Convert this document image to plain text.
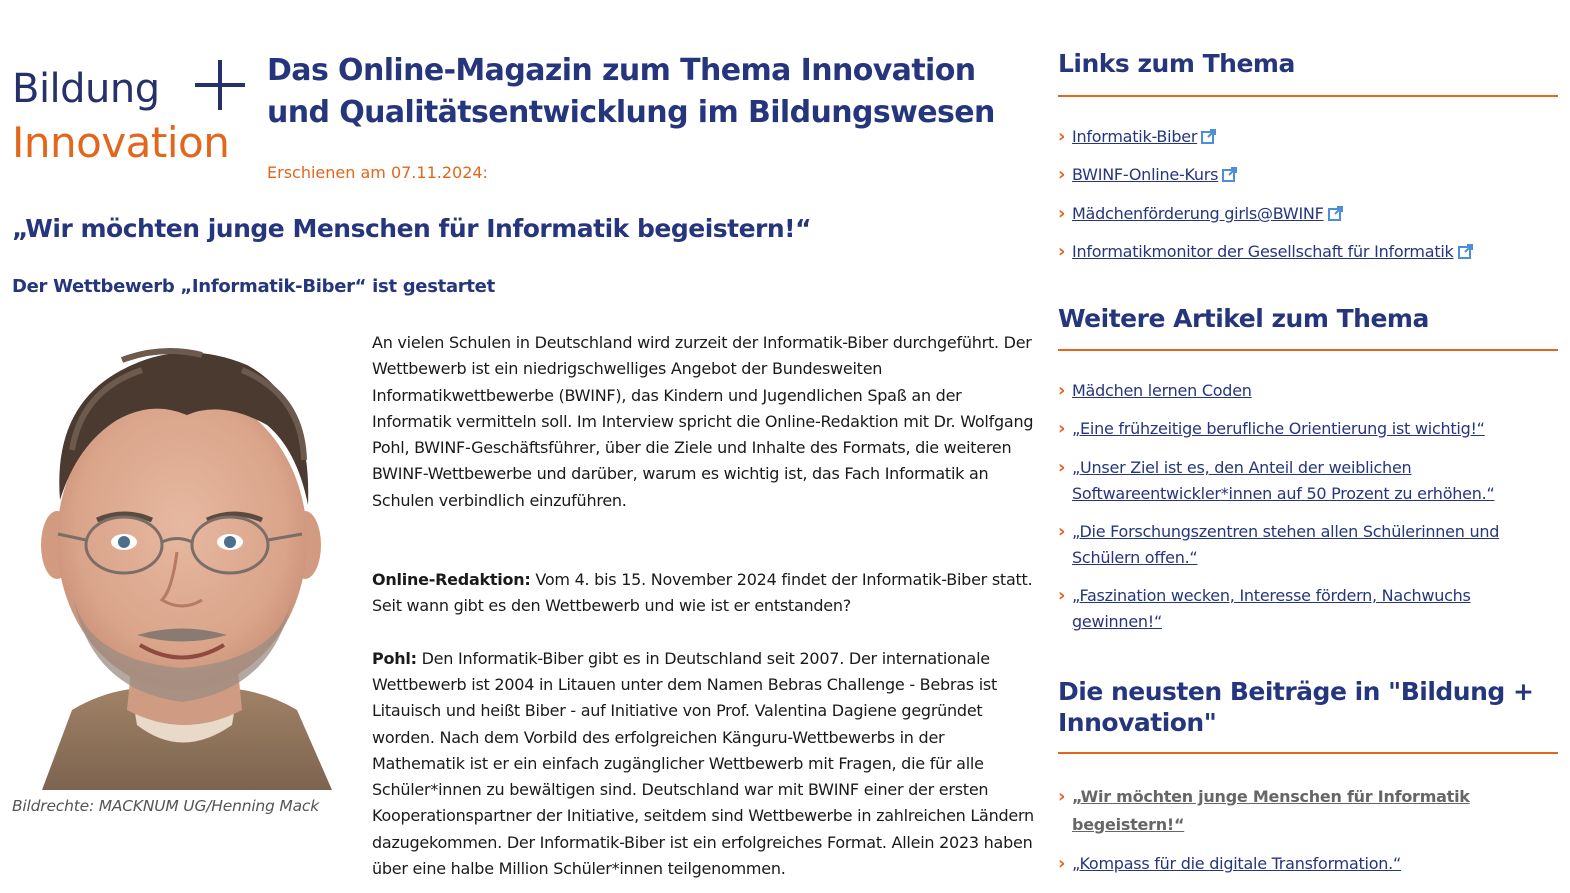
Bildung
Innovation
Das Online-Magazin zum Thema Innovation und Qualitätsentwicklung im Bildungswesen
Erschienen am 07.11.2024:
„Wir möchten junge Menschen für Informatik begeistern!“
Der Wettbewerb „Informatik-Biber“ ist gestartet
Bildrechte: MACKNUM UG/Henning Mack

An vielen Schulen in Deutschland wird zurzeit der Informatik-Biber durchgeführt. Der Wettbewerb ist ein niedrigschwelliges Angebot der Bundesweiten Informatikwettbewerbe (BWINF), das Kindern und Jugendlichen Spaß an der Informatik vermitteln soll. Im Interview spricht die Online-Redaktion mit Dr. Wolfgang Pohl, BWINF-Geschäftsführer, über die Ziele und Inhalte des Formats, die weiteren BWINF-Wettbewerbe und darüber, warum es wichtig ist, das Fach Informatik an Schulen verbindlich einzuführen.

Online-Redaktion: Vom 4. bis 15. November 2024 findet der Informatik-Biber statt. Seit wann gibt es den Wettbewerb und wie ist er entstanden?

Pohl: Den Informatik-Biber gibt es in Deutschland seit 2007. Der internationale Wettbewerb ist 2004 in Litauen unter dem Namen Bebras Challenge - Bebras ist Litauisch und heißt Biber - auf Initiative von Prof. Valentina Dagiene gegründet worden. Nach dem Vorbild des erfolgreichen Känguru-Wettbewerbs in der Mathematik ist er ein einfach zugänglicher Wettbewerb mit Fragen, die für alle Schüler*innen zu bewältigen sind. Deutschland war mit BWINF einer der ersten Kooperationspartner der Initiative, seitdem sind Wettbewerbe in zahlreichen Ländern dazugekommen. Der Informatik-Biber ist ein erfolgreiches Format. Allein 2023 haben über eine halbe Million Schüler*innen teilgenommen.

Links zum Thema
› Informatik-Biber
› BWINF-Online-Kurs
› Mädchenförderung girls@BWINF
› Informatikmonitor der Gesellschaft für Informatik
Weitere Artikel zum Thema
› Mädchen lernen Coden
› „Eine frühzeitige berufliche Orientierung ist wichtig!“
› „Unser Ziel ist es, den Anteil der weiblichen Softwareentwickler*innen auf 50 Prozent zu erhöhen.“
› „Die Forschungszentren stehen allen Schülerinnen und Schülern offen.“
› „Faszination wecken, Interesse fördern, Nachwuchs gewinnen!“
Die neusten Beiträge in "Bildung + Innovation"
› „Wir möchten junge Menschen für Informatik begeistern!“
› „Kompass für die digitale Transformation.“
